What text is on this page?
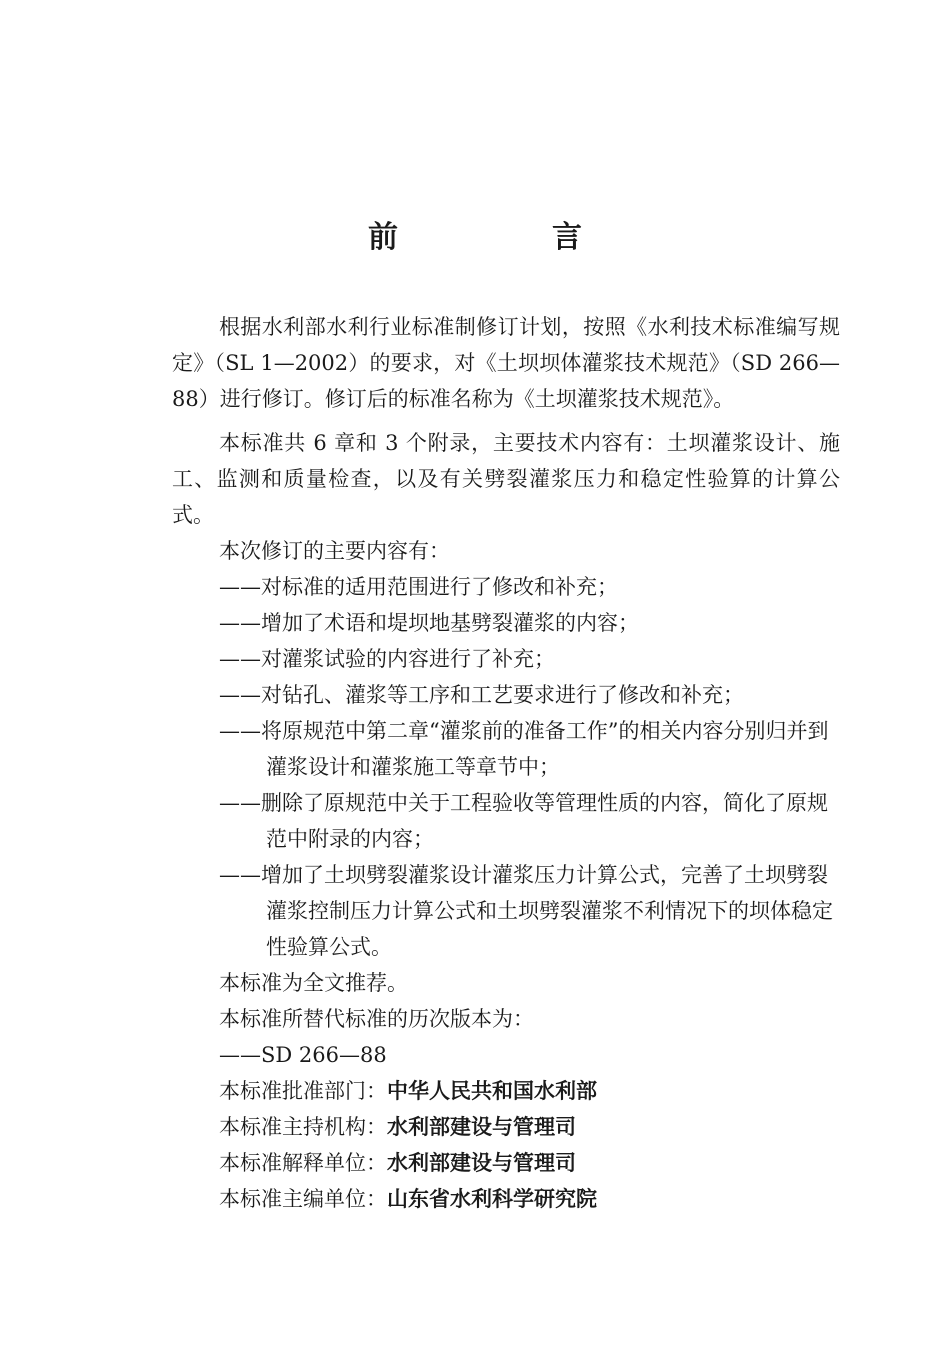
前　言

根据水利部水利行业标准制修订计划，按照《水利技术标准编写规定》（SL 1—2002）的要求，对《土坝坝体灌浆技术规范》（SD 266—88）进行修订。修订后的标准名称为《土坝灌浆技术规范》。

本标准共 6 章和 3 个附录，主要技术内容有：土坝灌浆设计、施工、监测和质量检查，以及有关劈裂灌浆压力和稳定性验算的计算公式。

本次修订的主要内容有：

——对标准的适用范围进行了修改和补充；

——增加了术语和堤坝地基劈裂灌浆的内容；

——对灌浆试验的内容进行了补充；

——对钻孔、灌浆等工序和工艺要求进行了修改和补充；

——将原规范中第二章“灌浆前的准备工作”的相关内容分别归并到灌浆设计和灌浆施工等章节中；

——删除了原规范中关于工程验收等管理性质的内容，简化了原规范中附录的内容；

——增加了土坝劈裂灌浆设计灌浆压力计算公式，完善了土坝劈裂灌浆控制压力计算公式和土坝劈裂灌浆不利情况下的坝体稳定性验算公式。

本标准为全文推荐。

本标准所替代标准的历次版本为：

——SD 266—88

本标准批准部门：中华人民共和国水利部

本标准主持机构：水利部建设与管理司

本标准解释单位：水利部建设与管理司

本标准主编单位：山东省水利科学研究院
